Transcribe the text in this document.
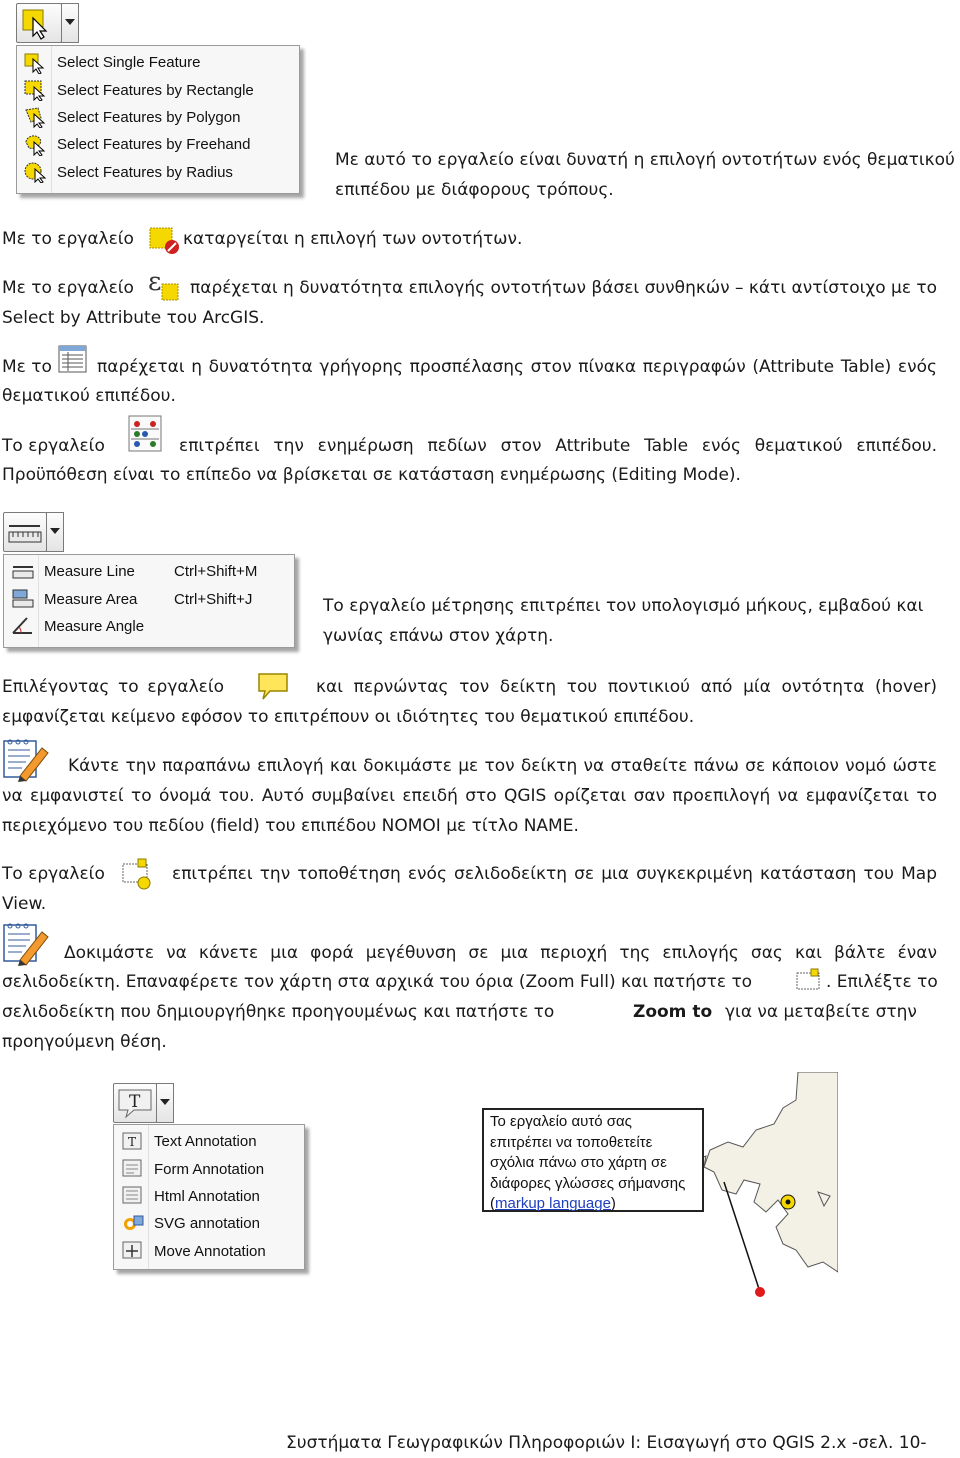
Select Single Feature
Select Features by Rectangle
Select Features by Polygon
Select Features by Freehand
Select Features by Radius
Με αυτό το εργαλείο είναι δυνατή η επιλογή οντοτήτων ενός θεματικού
επιπέδου με διάφορους τρόπους.
Με το εργαλείο	καταργείται η επιλογή των οντοτήτων.
Με το εργαλείο ε παρέχεται η δυνατότητα επιλογής οντοτήτων βάσει συνθηκών – κάτι αντίστοιχο με το
Select by Attribute του ArcGIS.
Με το	παρέχεται η δυνατότητα γρήγορης προσπέλασης στον πίνακα περιγραφών (Attribute Table) ενός
θεματικού επιπέδου.
Το εργαλείο	επιτρέπει την ενημέρωση πεδίων στον Attribute Table ενός θεματικού επιπέδου.
Προϋπόθεση είναι το επίπεδο να βρίσκεται σε κατάσταση ενημέρωσης (Editing Mode).
Measure Line	Ctrl+Shift+M
Measure Area Ctrl+Shift+J
Measure Angle
Το εργαλείο μέτρησης επιτρέπει τον υπολογισμό μήκους, εμβαδού και
γωνίας επάνω στον χάρτη.
Επιλέγοντας το εργαλείο	και περνώντας τον δείκτη του ποντικιού από μία οντότητα (hover)
εμφανίζεται κείμενο εφόσον το επιτρέπουν οι ιδιότητες του θεματικού επιπέδου.
Κάντε την παραπάνω επιλογή και δοκιμάστε με τον δείκτη να σταθείτε πάνω σε κάποιον νομό ώστε
να εμφανιστεί το όνομά του. Αυτό συμβαίνει επειδή στο QGIS ορίζεται σαν προεπιλογή να εμφανίζεται το
περιεχόμενο του πεδίου (field) του επιπέδου ΝΟΜΟΙ με τίτλο NAME.
Το εργαλείο	επιτρέπει την τοποθέτηση ενός σελιδοδείκτη σε μια συγκεκριμένη κατάσταση του Map
View.
Δοκιμάστε να κάνετε μια φορά μεγέθυνση σε μια περιοχή της επιλογής σας και βάλτε έναν
σελιδοδείκτη. Επαναφέρετε τον χάρτη στα αρχικά του όρια (Zoom Full) και πατήστε το	. Επιλέξτε το
σελιδοδείκτη που δημιουργήθηκε προηγουμένως και πατήστε το	Zoom to για να μεταβείτε στην
προηγούμενη θέση.
T
T Text Annotation
Form Annotation
Html Annotation
SVG annotation
Move Annotation
Το εργαλείο αυτό σας
επιτρέπει να τοποθετείτε
σχόλια πάνω στο χάρτη σε
διάφορες γλώσσες σήμανσης
(markup language)
Συστήματα Γεωγραφικών Πληροφοριών Ι: Εισαγωγή στο QGIS 2.x -σελ. 10-
